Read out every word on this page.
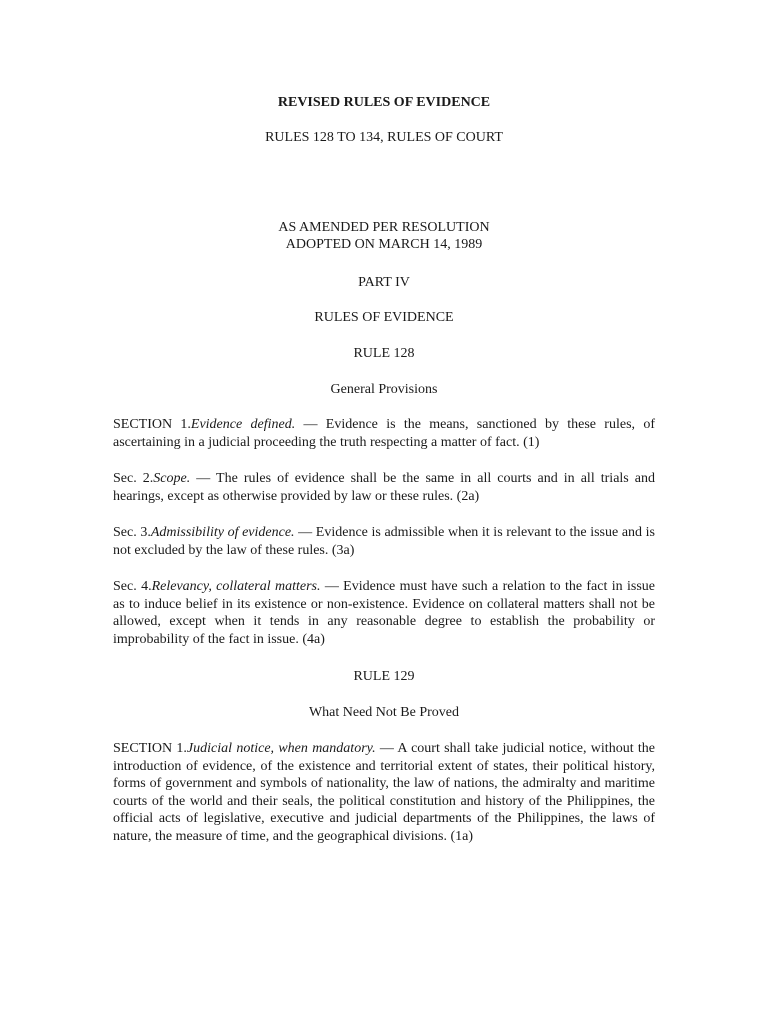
REVISED RULES OF EVIDENCE

RULES 128 TO 134, RULES OF COURT

AS AMENDED PER RESOLUTION

ADOPTED ON MARCH 14, 1989

PART IV

RULES OF EVIDENCE

RULE 128

General Provisions

SECTION 1.Evidence defined. — Evidence is the means, sanctioned by these rules, of ascertaining in a judicial proceeding the truth respecting a matter of fact. (1)

Sec. 2.Scope. — The rules of evidence shall be the same in all courts and in all trials and hearings, except as otherwise provided by law or these rules. (2a)

Sec. 3.Admissibility of evidence. — Evidence is admissible when it is relevant to the issue and is not excluded by the law of these rules. (3a)

Sec. 4.Relevancy, collateral matters. — Evidence must have such a relation to the fact in issue as to induce belief in its existence or non-existence. Evidence on collateral matters shall not be allowed, except when it tends in any reasonable degree to establish the probability or improbability of the fact in issue. (4a)

RULE 129

What Need Not Be Proved

SECTION 1.Judicial notice, when mandatory. — A court shall take judicial notice, without the introduction of evidence, of the existence and territorial extent of states, their political history, forms of government and symbols of nationality, the law of nations, the admiralty and maritime courts of the world and their seals, the political constitution and history of the Philippines, the official acts of legislative, executive and judicial departments of the Philippines, the laws of nature, the measure of time, and the geographical divisions. (1a)
